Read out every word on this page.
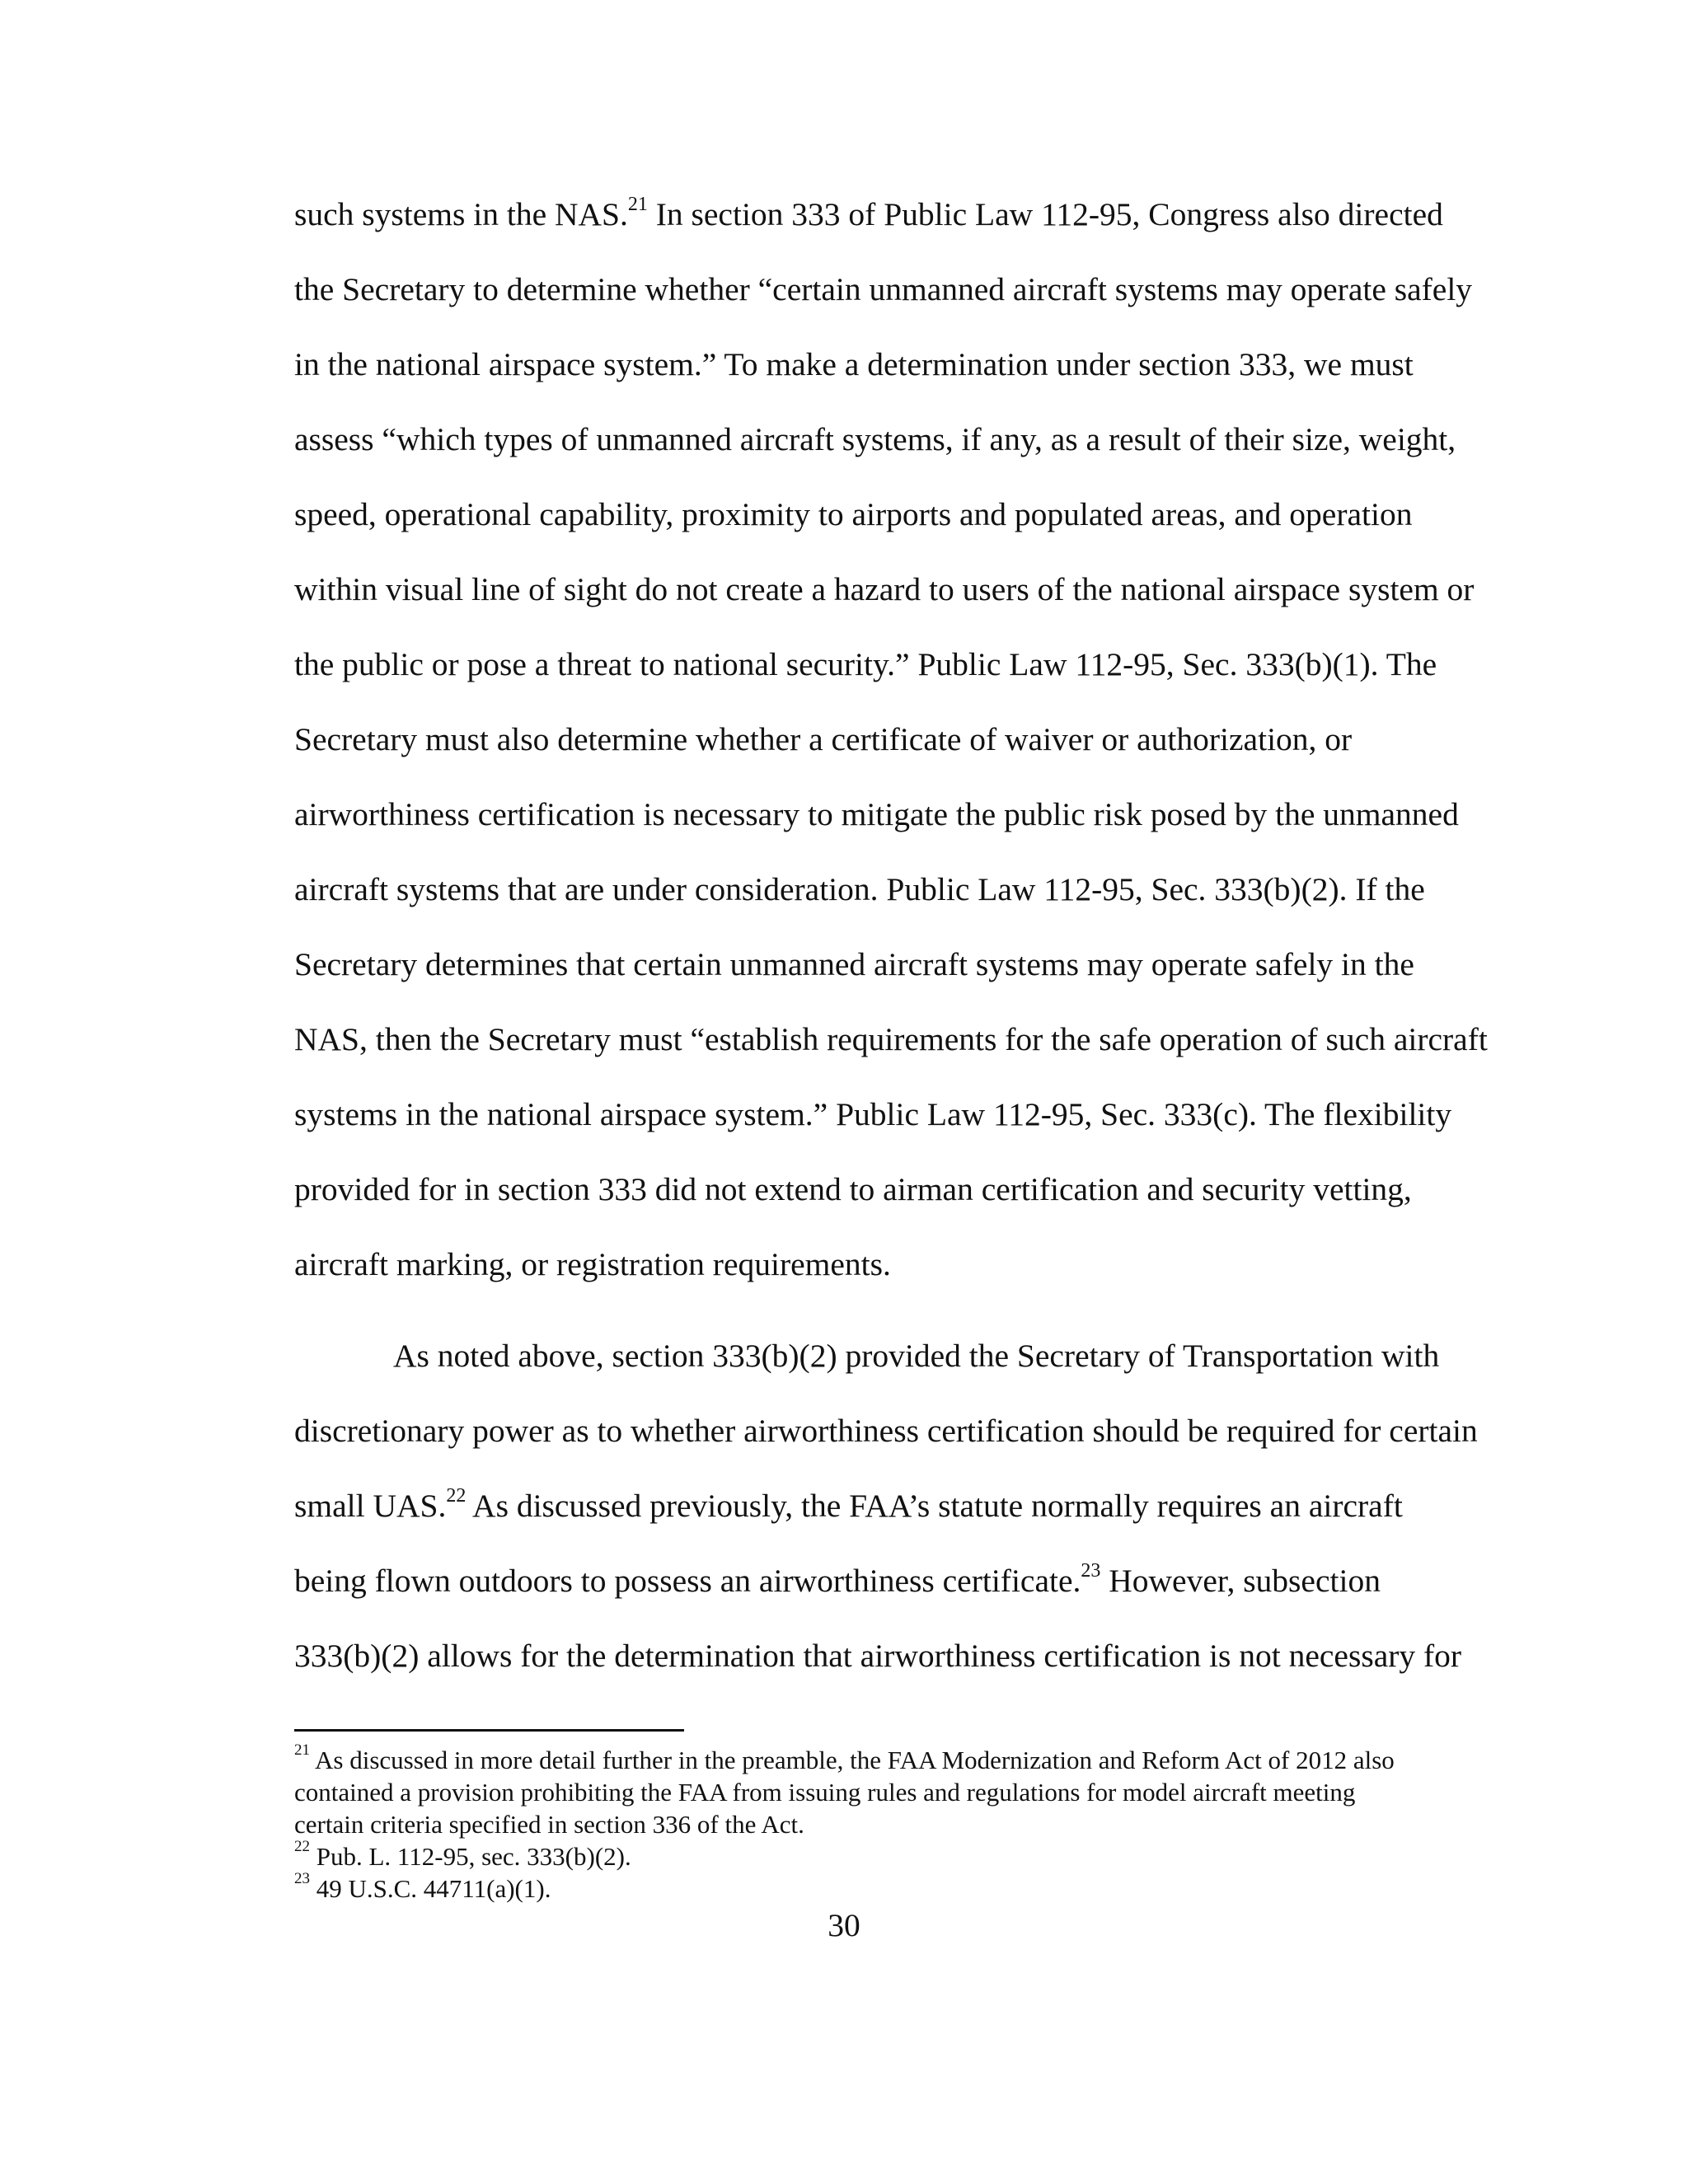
such systems in the NAS.$^{21}$ In section 333 of Public Law 112-95, Congress also directed
the Secretary to determine whether “certain unmanned aircraft systems may operate safely
in the national airspace system.” To make a determination under section 333, we must
assess “which types of unmanned aircraft systems, if any, as a result of their size, weight,
speed, operational capability, proximity to airports and populated areas, and operation
within visual line of sight do not create a hazard to users of the national airspace system or
the public or pose a threat to national security.” Public Law 112-95, Sec. 333(b)(1). The
Secretary must also determine whether a certificate of waiver or authorization, or
airworthiness certification is necessary to mitigate the public risk posed by the unmanned
aircraft systems that are under consideration. Public Law 112-95, Sec. 333(b)(2). If the
Secretary determines that certain unmanned aircraft systems may operate safely in the
NAS, then the Secretary must “establish requirements for the safe operation of such aircraft
systems in the national airspace system.” Public Law 112-95, Sec. 333(c). The flexibility
provided for in section 333 did not extend to airman certification and security vetting,
aircraft marking, or registration requirements.
As noted above, section 333(b)(2) provided the Secretary of Transportation with
discretionary power as to whether airworthiness certification should be required for certain
small UAS.$^{22}$ As discussed previously, the FAA’s statute normally requires an aircraft
being flown outdoors to possess an airworthiness certificate.$^{23}$ However, subsection
333(b)(2) allows for the determination that airworthiness certification is not necessary for
$^{21}$ As discussed in more detail further in the preamble, the FAA Modernization and Reform Act of 2012 also
contained a provision prohibiting the FAA from issuing rules and regulations for model aircraft meeting
certain criteria specified in section 336 of the Act.
$^{22}$ Pub. L. 112-95, sec. 333(b)(2).
$^{23}$ 49 U.S.C. 44711(a)(1).
30
